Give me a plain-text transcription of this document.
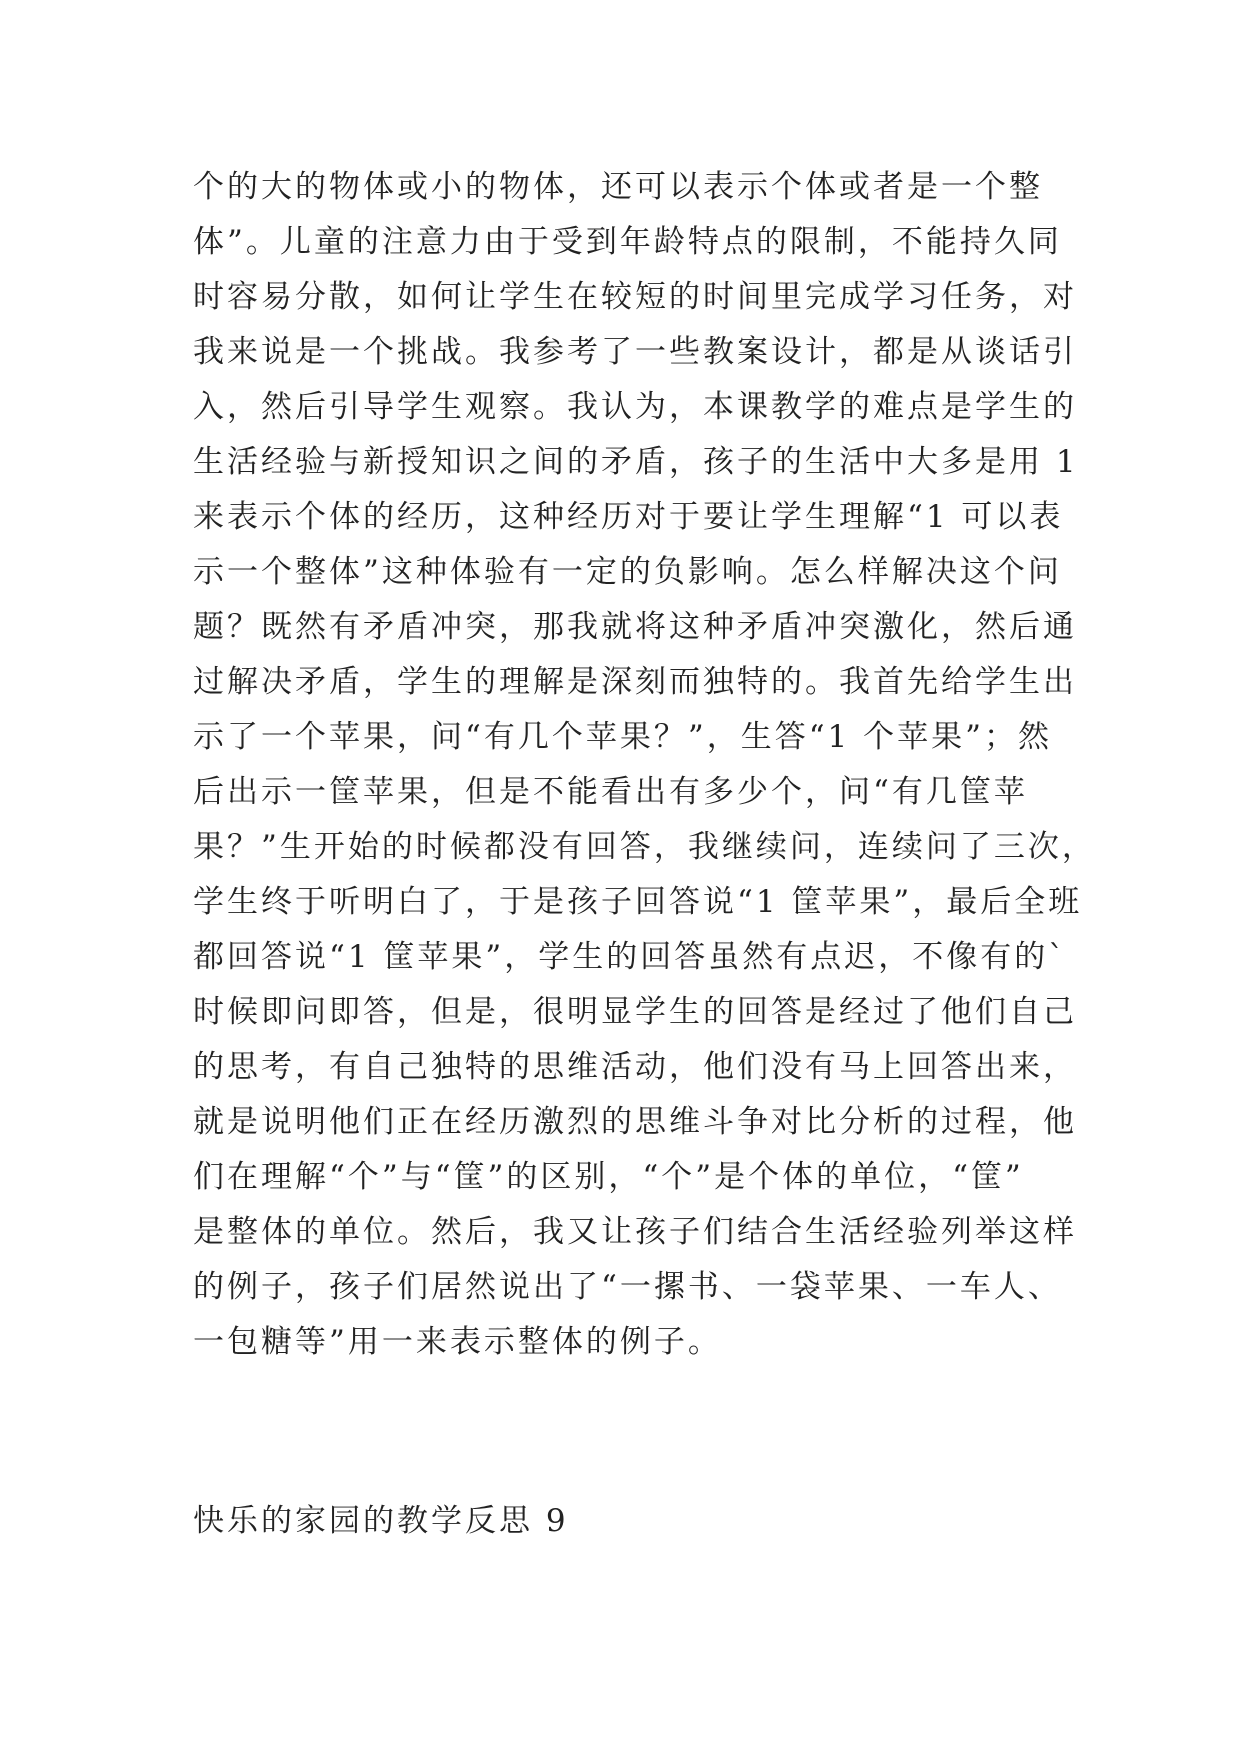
个的大的物体或小的物体，还可以表示个体或者是一个整
体”。儿童的注意力由于受到年龄特点的限制，不能持久同
时容易分散，如何让学生在较短的时间里完成学习任务，对
我来说是一个挑战。我参考了一些教案设计，都是从谈话引
入，然后引导学生观察。我认为，本课教学的难点是学生的
生活经验与新授知识之间的矛盾，孩子的生活中大多是用 1
来表示个体的经历，这种经历对于要让学生理解“1 可以表
示一个整体”这种体验有一定的负影响。怎么样解决这个问
题？既然有矛盾冲突，那我就将这种矛盾冲突激化，然后通
过解决矛盾，学生的理解是深刻而独特的。我首先给学生出
示了一个苹果，问“有几个苹果？”，生答“1 个苹果”；然
后出示一筐苹果，但是不能看出有多少个，问“有几筐苹
果？”生开始的时候都没有回答，我继续问，连续问了三次，
学生终于听明白了，于是孩子回答说“1 筐苹果”，最后全班
都回答说“1 筐苹果”，学生的回答虽然有点迟，不像有的`
时候即问即答，但是，很明显学生的回答是经过了他们自己
的思考，有自己独特的思维活动，他们没有马上回答出来，
就是说明他们正在经历激烈的思维斗争对比分析的过程，他
们在理解“个”与“筐”的区别，“个”是个体的单位，“筐”
是整体的单位。然后，我又让孩子们结合生活经验列举这样
的例子，孩子们居然说出了“一摞书、一袋苹果、一车人、
一包糖等”用一来表示整体的例子。
快乐的家园的教学反思 9
